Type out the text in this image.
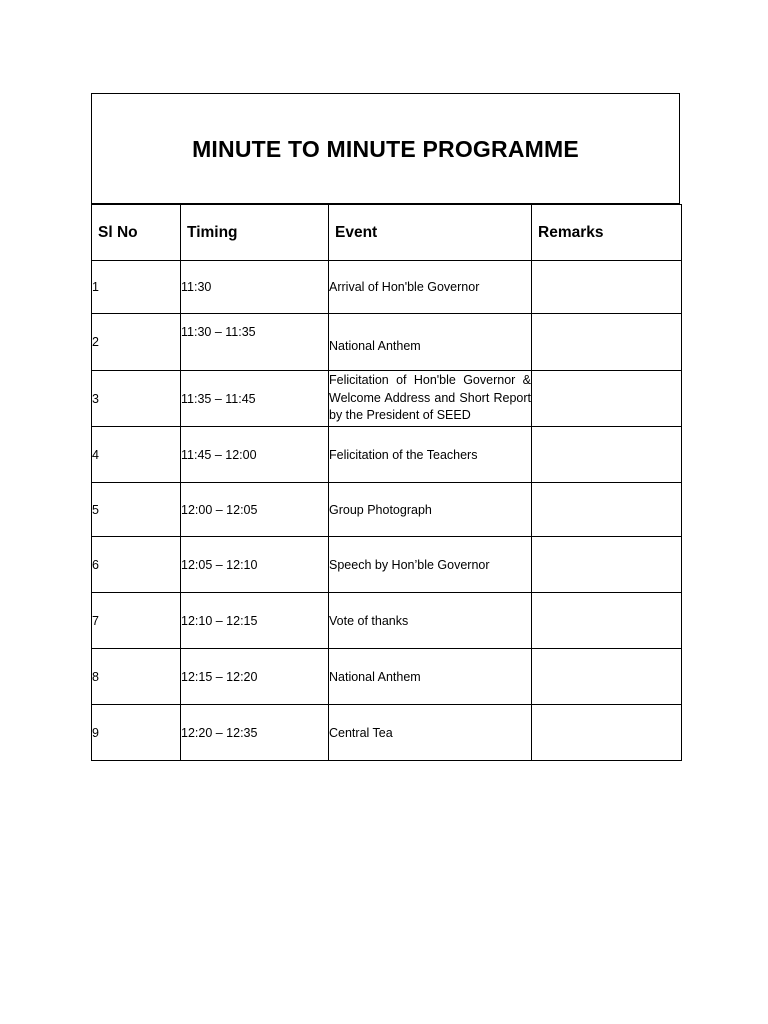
MINUTE TO MINUTE PROGRAMME
Sl No	Timing	Event	Remarks
1	11:30	Arrival of Hon'ble Governor	
2	11:30 – 11:35	National Anthem	
3	11:35 – 11:45	Felicitation of Hon'ble Governor & Welcome Address and Short Report by the President of SEED	
4	11:45 – 12:00	Felicitation of the Teachers	
5	12:00 – 12:05	Group Photograph	
6	12:05 – 12:10	Speech by Hon’ble Governor	
7	12:10 – 12:15	Vote of thanks	
8	12:15 – 12:20	National Anthem	
9	12:20 – 12:35	Central Tea	
